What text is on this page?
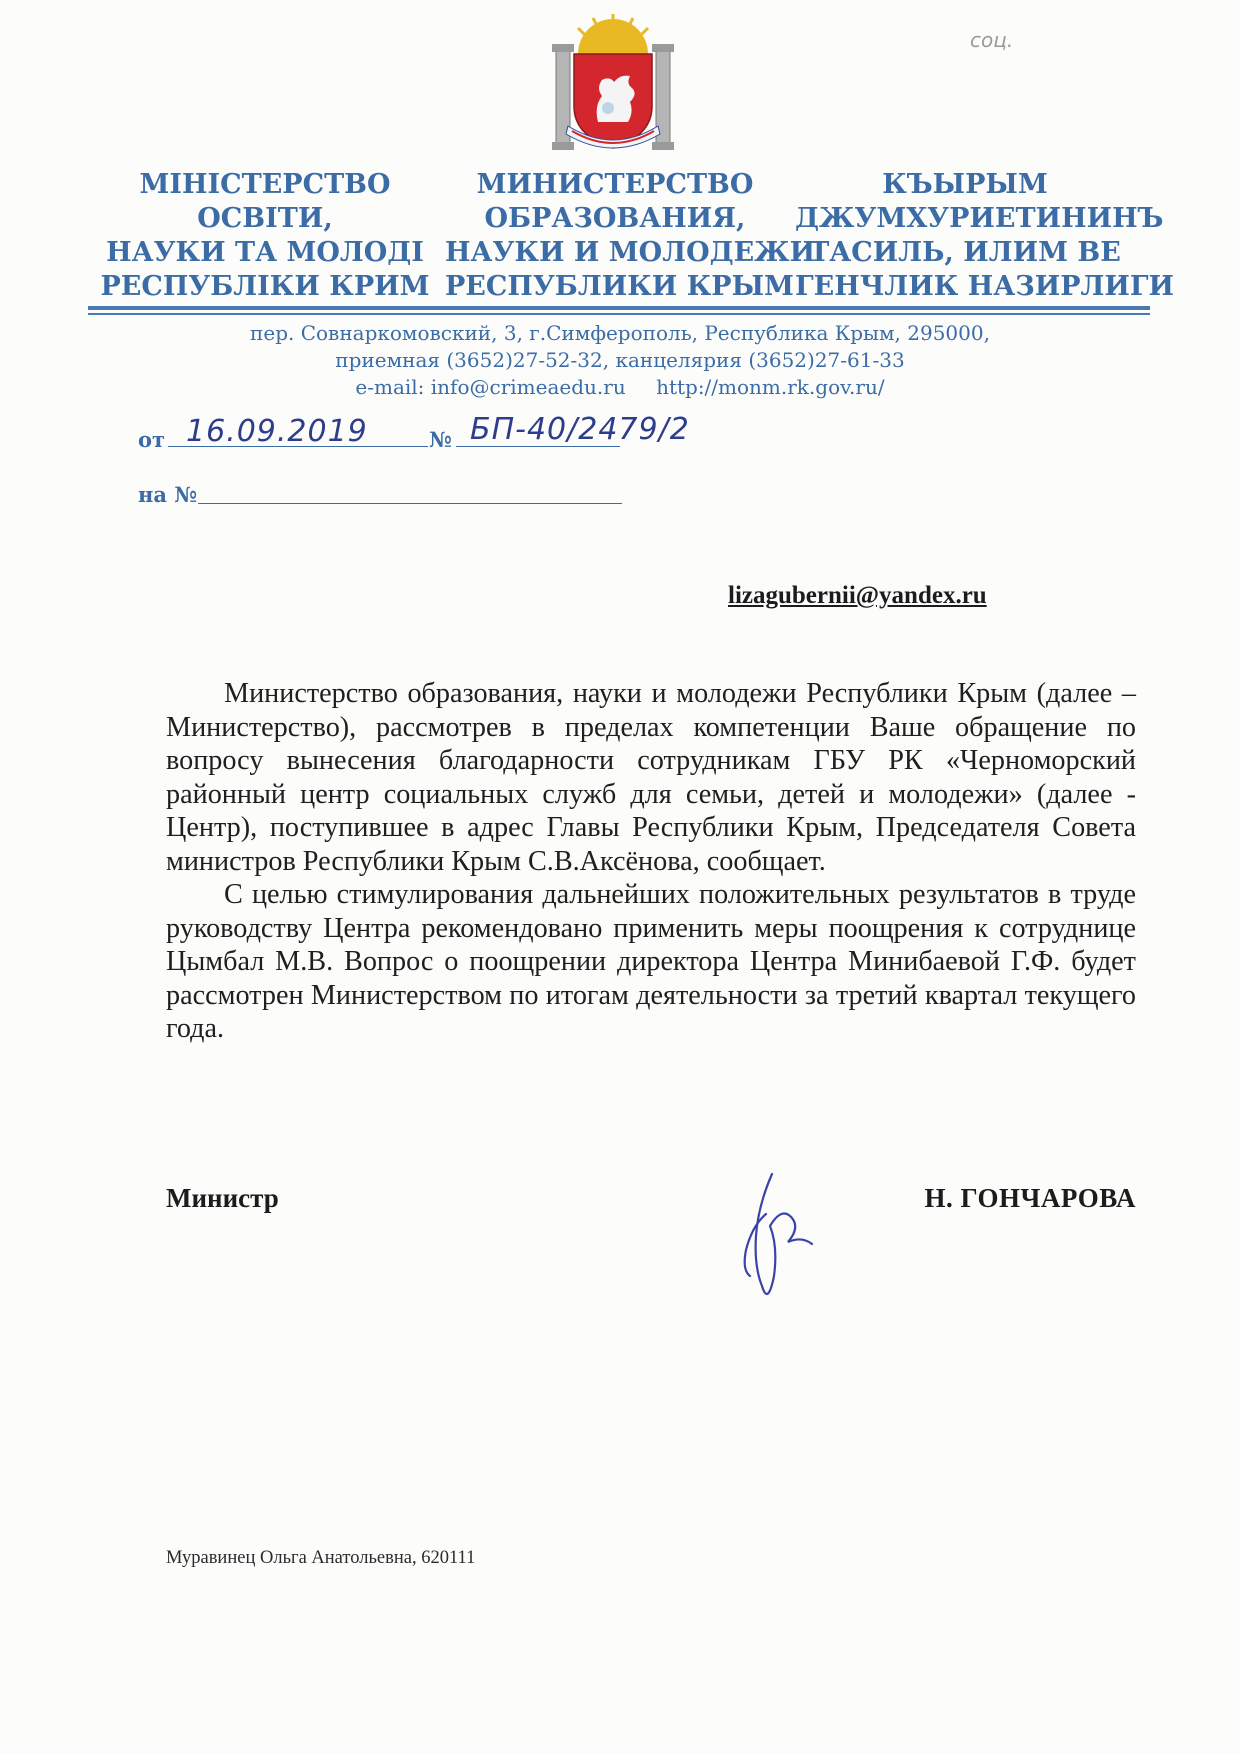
соц.
МІНІСТЕРСТВО
ОСВІТИ,
НАУКИ ТА МОЛОДІ
РЕСПУБЛІКИ КРИМ
МИНИСТЕРСТВО
ОБРАЗОВАНИЯ,
НАУКИ И МОЛОДЕЖИ
РЕСПУБЛИКИ КРЫМ
КЪЫРЫМ
ДЖУМХУРИЕТИНИНЪ
ТАСИЛЬ, ИЛИМ ВЕ
ГЕНЧЛИК НАЗИРЛИГИ
пер. Совнаркомовский, 3, г.Симферополь, Республика Крым, 295000,
приемная (3652)27-52-32, канцелярия (3652)27-61-33
e-mail: info@crimeaedu.ru http://monm.rk.gov.ru/
от 16.09.2019	№ БП-40/2479/2
на №
lizagubernii@yandex.ru

Министерство образования, науки и молодежи Республики Крым (далее – Министерство), рассмотрев в пределах компетенции Ваше обращение по вопросу вынесения благодарности сотрудникам ГБУ РК «Черноморский районный центр социальных служб для семьи, детей и молодежи» (далее - Центр), поступившее в адрес Главы Республики Крым, Председателя Совета министров Республики Крым С.В.Аксёнова, сообщает.

С целью стимулирования дальнейших положительных результатов в труде руководству Центра рекомендовано применить меры поощрения к сотруднице Цымбал М.В. Вопрос о поощрении директора Центра Минибаевой Г.Ф. будет рассмотрен Министерством по итогам деятельности за третий квартал текущего года.

Министр	Н. ГОНЧАРОВА
Муравинец Ольга Анатольевна, 620111
